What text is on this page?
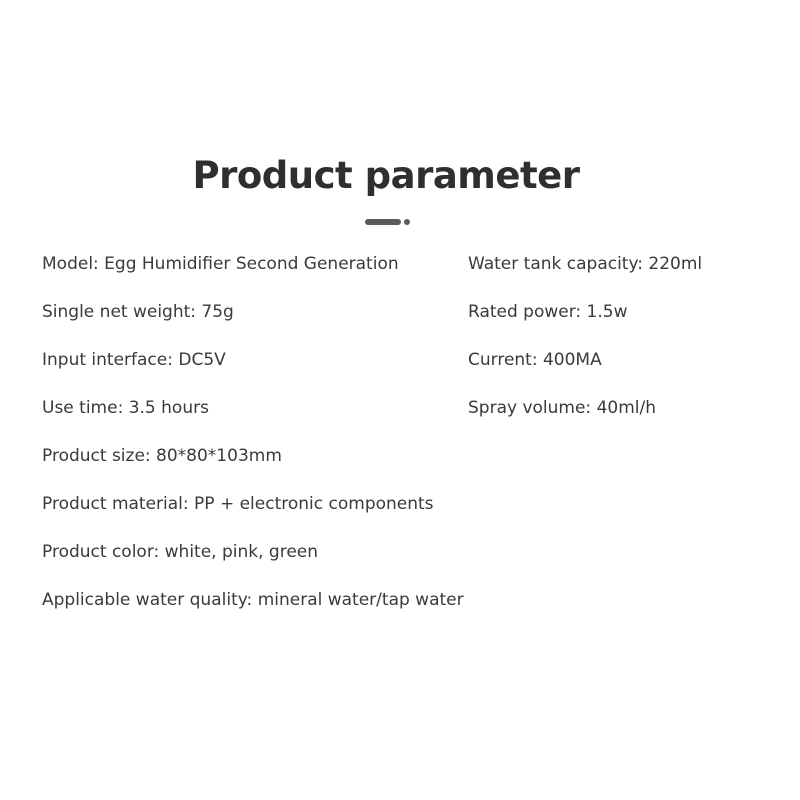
Product parameter
Model: Egg Humidifier Second Generation	Water tank capacity: 220ml
Single net weight: 75g	Rated power: 1.5w
Input interface: DC5V	Current: 400MA
Use time: 3.5 hours	Spray volume: 40ml/h
Product size: 80*80*103mm
Product material: PP + electronic components
Product color: white, pink, green
Applicable water quality: mineral water/tap water
